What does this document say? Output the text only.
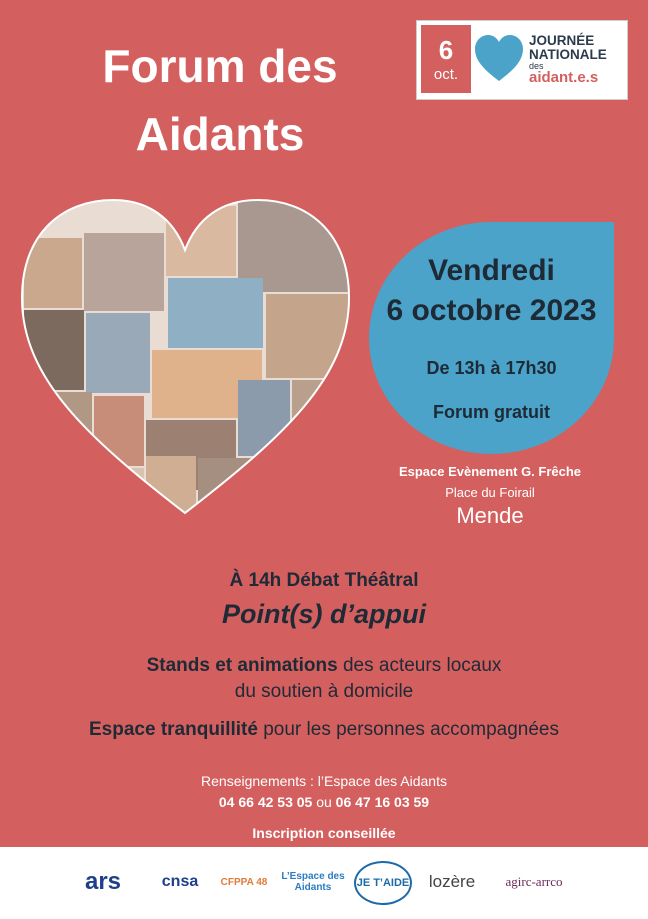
Forum des
Aidants
6
oct.
JOURNÉE
NATIONALE
des
aidant.e.s
Vendredi
6 octobre 2023
De 13h à 17h30
Forum gratuit
Espace Evènement G. Frêche
Place du Foirail
Mende
À 14h Débat Théâtral
Point(s) d’appui
Stands et animations des acteurs locaux
du soutien à domicile
Espace tranquillité pour les personnes accompagnées
Renseignements : l’Espace des Aidants
04 66 42 53 05 ou 06 47 16 03 59
Inscription conseillée
ars	cnsa	CFPPA 48	L’Espace des Aidants	JE T’AIDE	lozère	agirc-arrco
